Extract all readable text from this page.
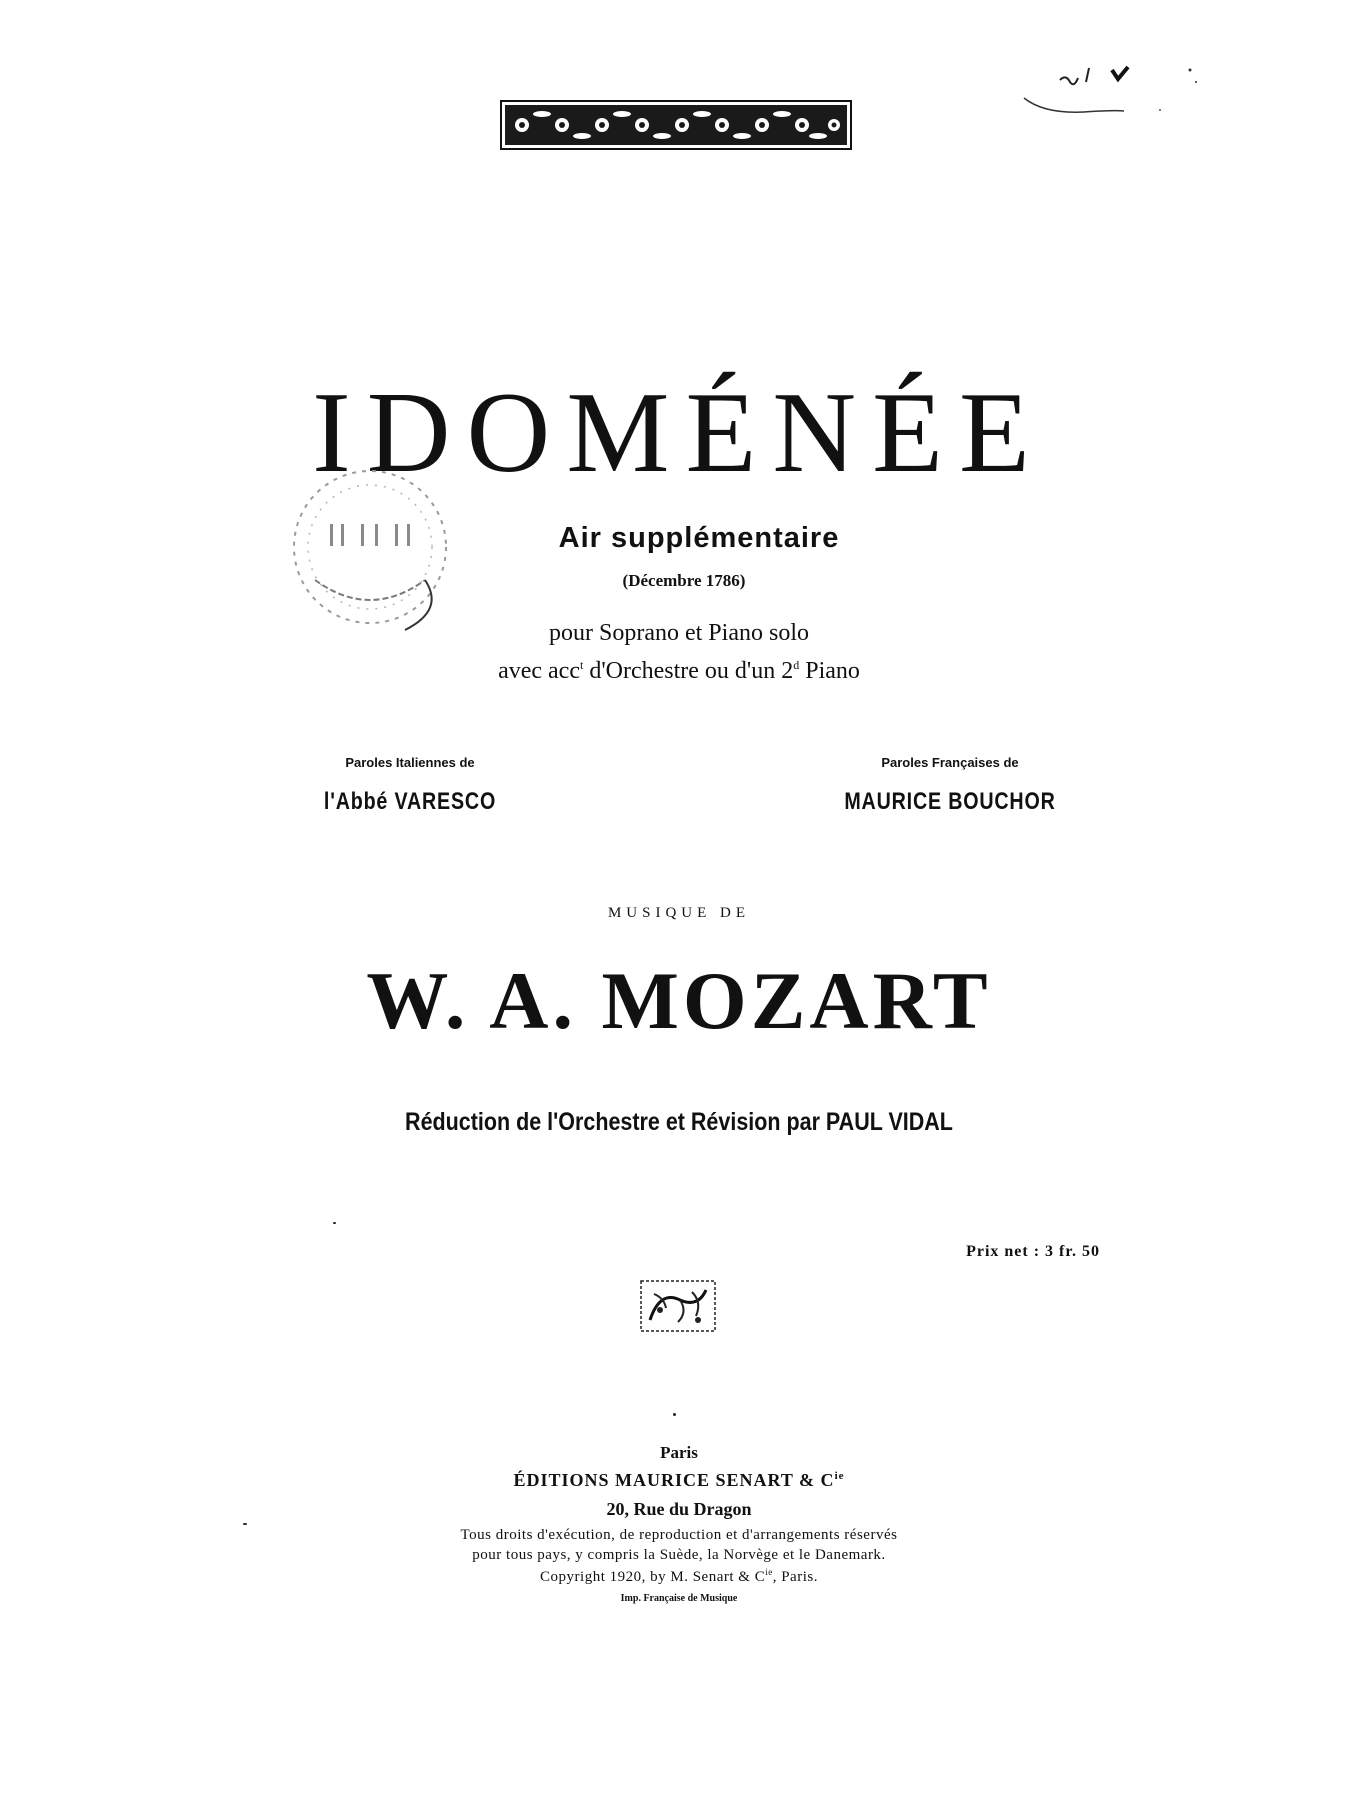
IDOMÉNÉE
Air supplémentaire
(Décembre 1786)
pour Soprano et Piano solo
avec acc$^t$ d'Orchestre ou d'un 2$^d$ Piano
Paroles Italiennes de
l'Abbé VARESCO
Paroles Françaises de
MAURICE BOUCHOR
MUSIQUE DE
W. A. MOZART
Réduction de l'Orchestre et Révision par PAUL VIDAL
Prix net : 3 fr. 50
Paris
ÉDITIONS MAURICE SENART & $C^{ie}$
20, Rue du Dragon
Tous droits d'exécution, de reproduction et d'arrangements réservés
pour tous pays, y compris la Suède, la Norvège et le Danemark.
Copyright 1920, by M. Senart & $C^{ie}$, Paris.
Imp. Française de Musique
